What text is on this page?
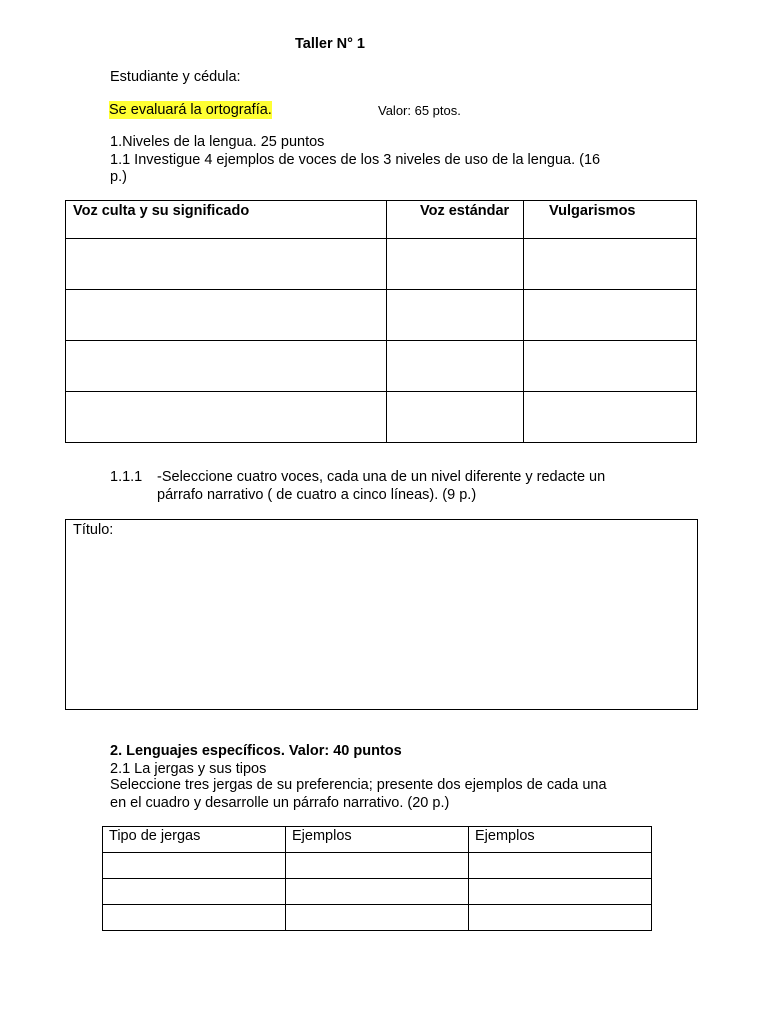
Taller N° 1
Estudiante y cédula:
Se evaluará la ortografía.	Valor: 65 ptos.
1.Niveles de la lengua. 25 puntos
1.1 Investigue 4 ejemplos de voces de los 3 niveles de uso de la lengua. (16
p.)
Voz culta y su significado	Voz estándar	Vulgarismos

1.1.1 -Seleccione cuatro voces, cada una de un nivel diferente y redacte un
párrafo narrativo ( de cuatro a cinco líneas). (9 p.)
Título:
2. Lenguajes específicos. Valor: 40 puntos
2.1 La jergas y sus tipos
Seleccione tres jergas de su preferencia; presente dos ejemplos de cada una
en el cuadro y desarrolle un párrafo narrativo. (20 p.)
Tipo de jergas	Ejemplos	Ejemplos
